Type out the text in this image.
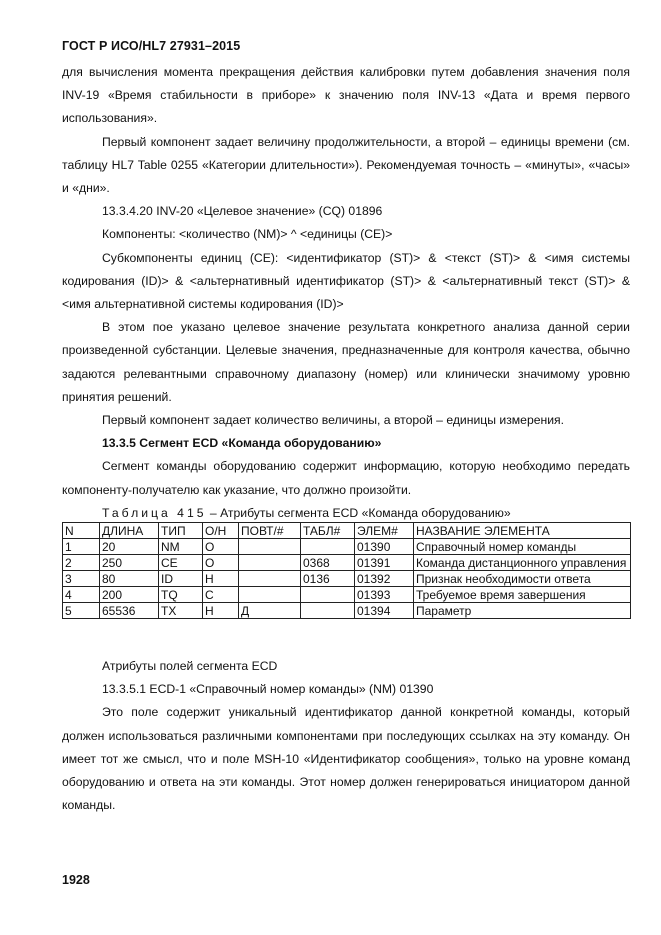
ГОСТ Р ИСО/HL7 27931–2015

для вычисления момента прекращения действия калибровки путем добавления значения поля INV-19 «Время стабильности в приборе» к значению поля INV-13 «Дата и время первого использования».

Первый компонент задает величину продолжительности, а второй – единицы времени (см. таблицу HL7 Table 0255 «Категории длительности»). Рекомендуемая точность – «минуты», «часы» и «дни».

13.3.4.20 INV-20 «Целевое значение» (CQ) 01896

Компоненты: <количество (NM)> ^ <единицы (CE)>

Субкомпоненты единиц (CE): <идентификатор (ST)> & <текст (ST)> & <имя системы кодирования (ID)> & <альтернативный идентификатор (ST)> & <альтернативный текст (ST)> & <имя альтернативной системы кодирования (ID)>

В этом пое указано целевое значение результата конкретного анализа данной серии произведенной субстанции. Целевые значения, предназначенные для контроля качества, обычно задаются релевантными справочному диапазону (номер) или клинически значимому уровню принятия решений.

Первый компонент задает количество величины, а второй – единицы измерения.

13.3.5 Сегмент ECD «Команда оборудованию»

Сегмент команды оборудованию содержит информацию, которую необходимо передать компоненту-получателю как указание, что должно произойти.

Таблица 415 – Атрибуты сегмента ECD «Команда оборудованию»

N	ДЛИНА	ТИП	О/Н	ПОВТ/#	ТАБЛ#	ЭЛЕМ#	НАЗВАНИЕ ЭЛЕМЕНТА
1	20	NM	О			01390	Справочный номер команды
2	250	CE	О		0368	01391	Команда дистанционного управления
3	80	ID	Н		0136	01392	Признак необходимости ответа
4	200	TQ	С			01393	Требуемое время завершения
5	65536	TX	Н	Д		01394	Параметр

Атрибуты полей сегмента ECD

13.3.5.1 ECD-1 «Справочный номер команды» (NM) 01390

Это поле содержит уникальный идентификатор данной конкретной команды, который должен использоваться различными компонентами при последующих ссылках на эту команду. Он имеет тот же смысл, что и поле MSH-10 «Идентификатор сообщения», только на уровне команд оборудованию и ответа на эти команды. Этот номер должен генерироваться инициатором данной команды.

1928
